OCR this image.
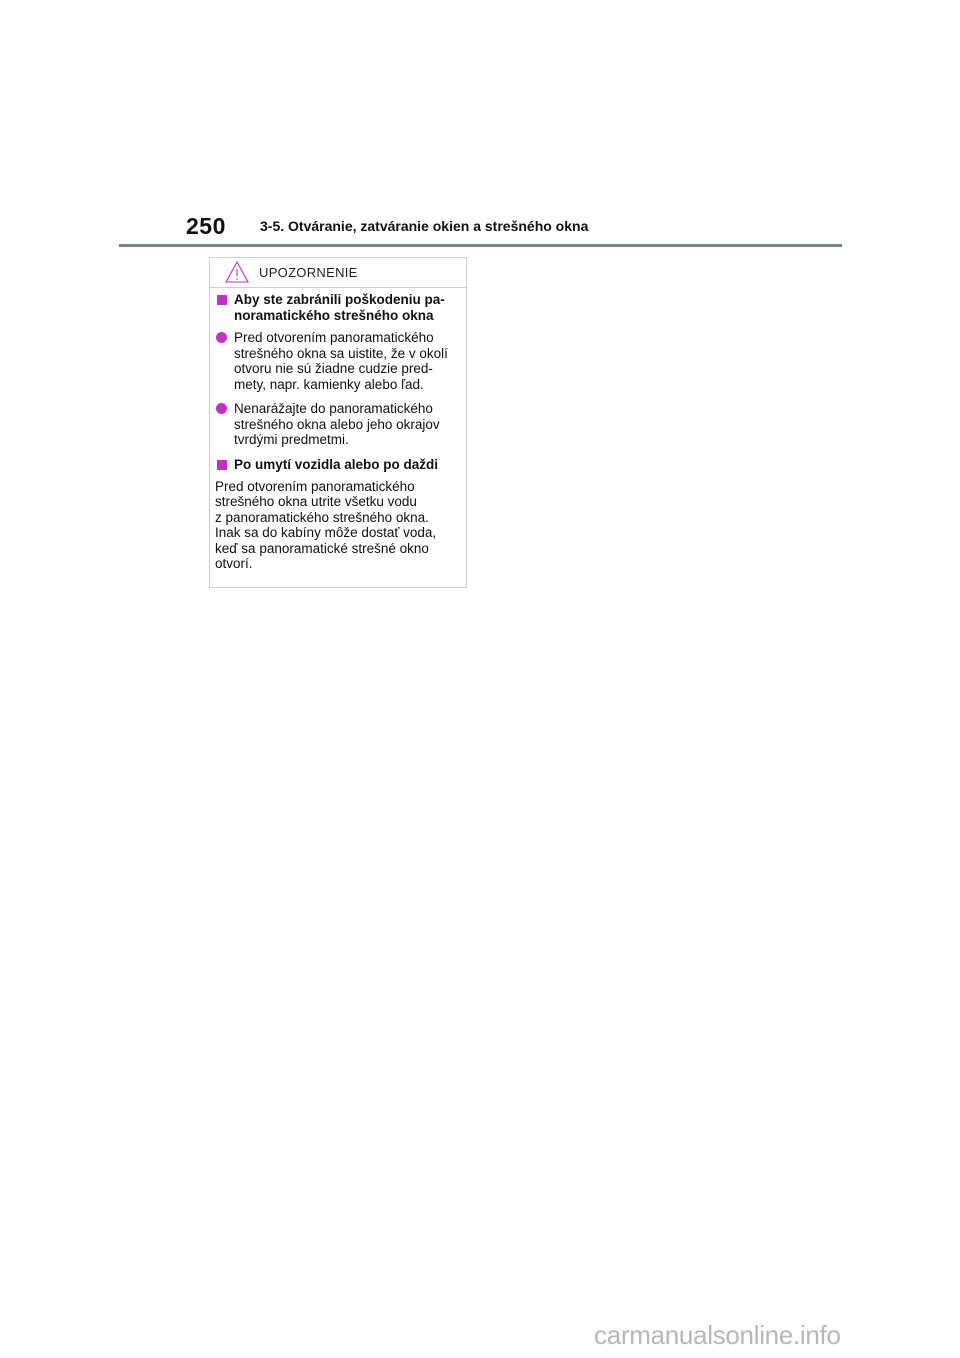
250 3-5. Otváranie, zatváranie okien a strešného okna
UPOZORNENIE
Aby ste zabránili poškodeniu pa-
noramatického strešného okna
Pred otvorením panoramatického
strešného okna sa uistite, že v okolí
otvoru nie sú žiadne cudzie pred-
mety, napr. kamienky alebo ľad.
Nenarážajte do panoramatického
strešného okna alebo jeho okrajov
tvrdými predmetmi.
Po umytí vozidla alebo po daždi
Pred otvorením panoramatického
strešného okna utrite všetku vodu
z panoramatického strešného okna.
Inak sa do kabíny môže dostať voda,
keď sa panoramatické strešné okno
otvorí.
carmanualsonline.info
